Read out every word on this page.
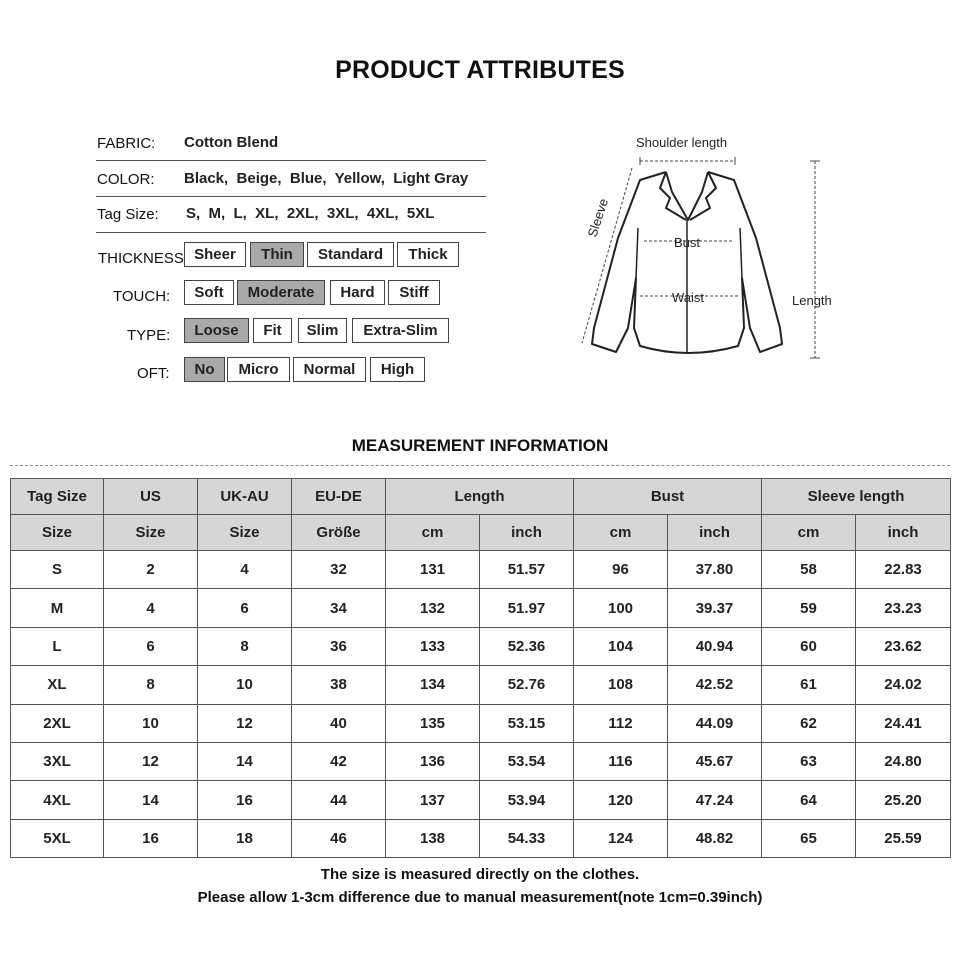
PRODUCT ATTRIBUTES
FABRIC: Cotton Blend
COLOR: Black,  Beige,  Blue,  Yellow,  Light Gray
Tag Size: S,  M,  L,  XL,  2XL,  3XL,  4XL,  5XL
THICKNESS Sheer	Thin	Standard	Thick
TOUCH:	Soft	Moderate	Hard	Stiff
TYPE:	Loose	Fit	Slim	Extra-Slim
OFT:	No	Micro	Normal	High
Shoulder length
Sleeve
Bust
Waist	Length
MEASUREMENT INFORMATION
Tag Size	US	UK-AU	EU-DE	Length		Bust		Sleeve length	
Size	Size	Size	Größe	cm	inch	cm	inch	cm	inch
S	2	4	32	131	51.57	96	37.80	58	22.83
M	4	6	34	132	51.97	100	39.37	59	23.23
L	6	8	36	133	52.36	104	40.94	60	23.62
XL	8	10	38	134	52.76	108	42.52	61	24.02
2XL	10	12	40	135	53.15	112	44.09	62	24.41
3XL	12	14	42	136	53.54	116	45.67	63	24.80
4XL	14	16	44	137	53.94	120	47.24	64	25.20
5XL	16	18	46	138	54.33	124	48.82	65	25.59
The size is measured directly on the clothes.
Please allow 1-3cm difference due to manual measurement(note 1cm=0.39inch)
